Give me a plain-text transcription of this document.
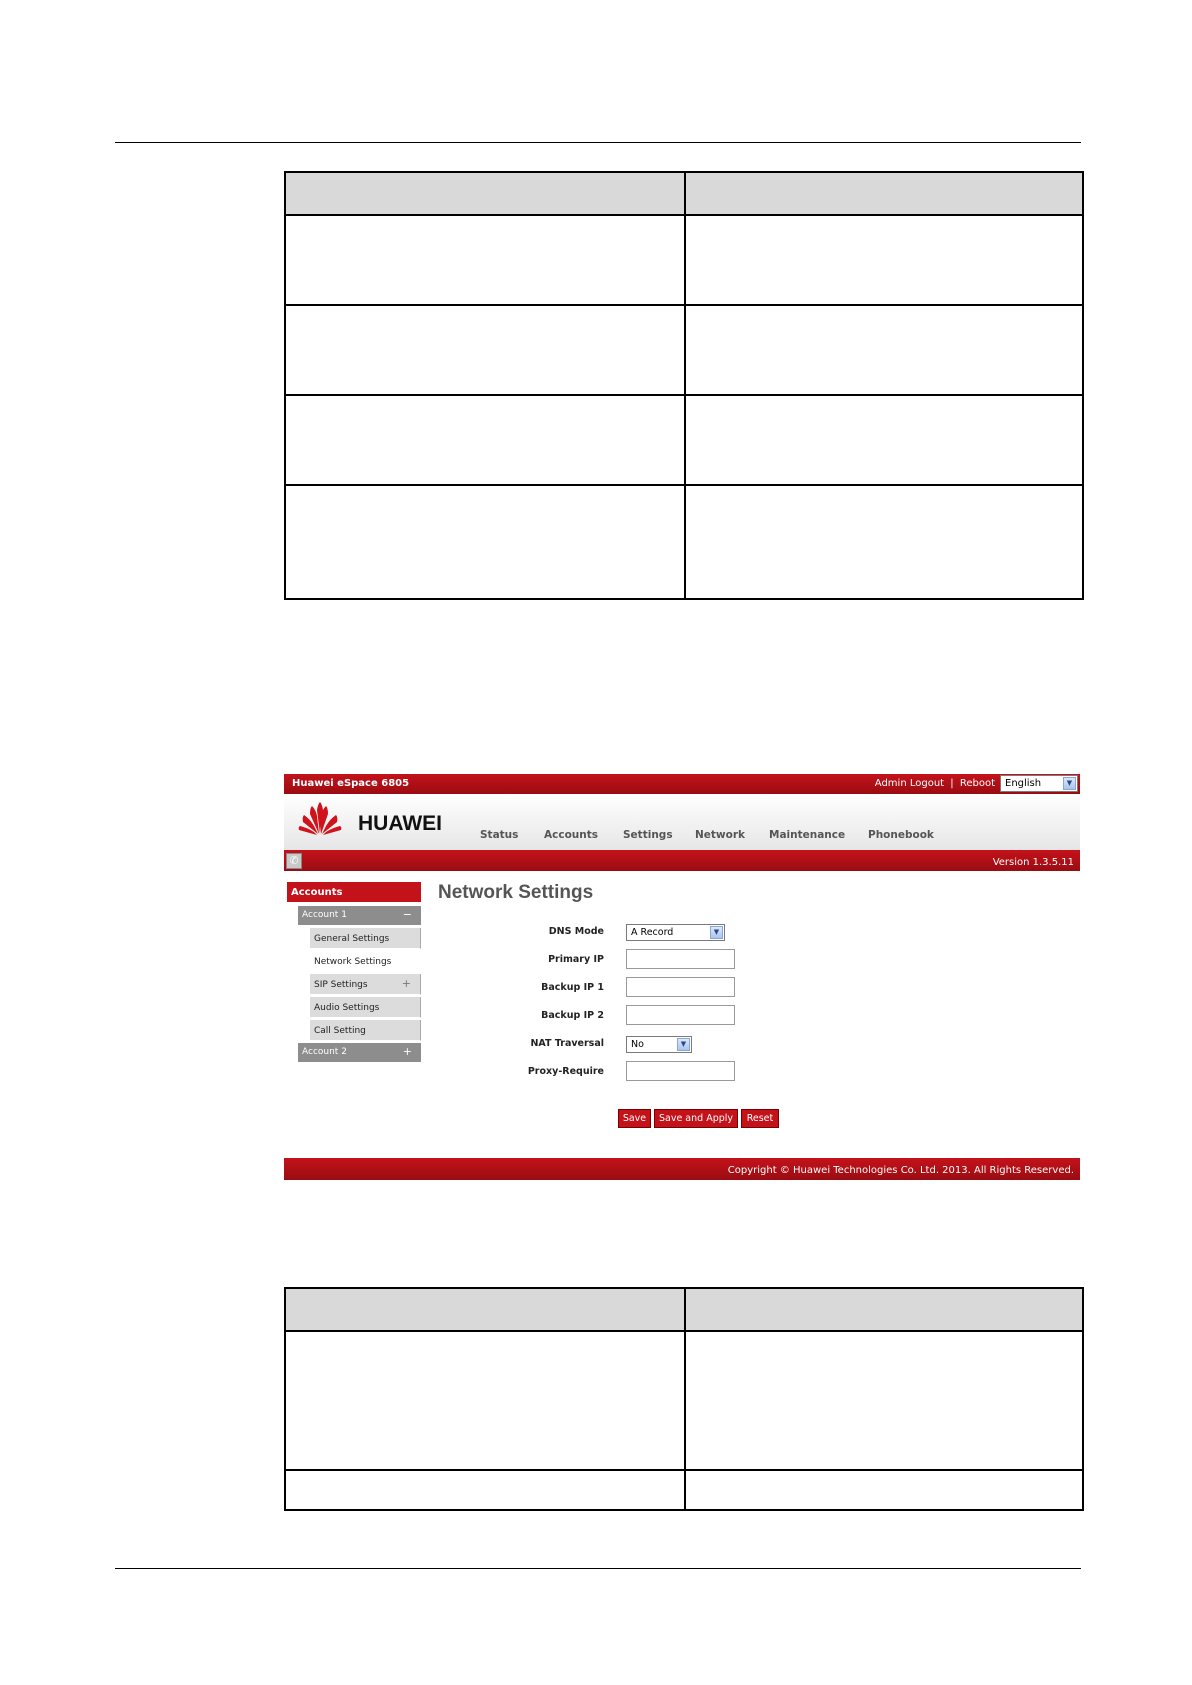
Huawei eSpace 6805	Admin Logout | Reboot English	▼
HUAWEI	Status Accounts Settings Network Maintenance Phonebook
✆	Version 1.3.5.11
Accounts
Account 1	−
General Settings
Network Settings
SIP Settings	+
Audio Settings
Call Setting
Account 2	+
Network Settings
DNS Mode	A Record	▼
Primary IP
Backup IP 1
Backup IP 2
NAT Traversal	No	▼
Proxy-Require
Save	Save and Apply	Reset
Copyright © Huawei Technologies Co. Ltd. 2013. All Rights Reserved.
